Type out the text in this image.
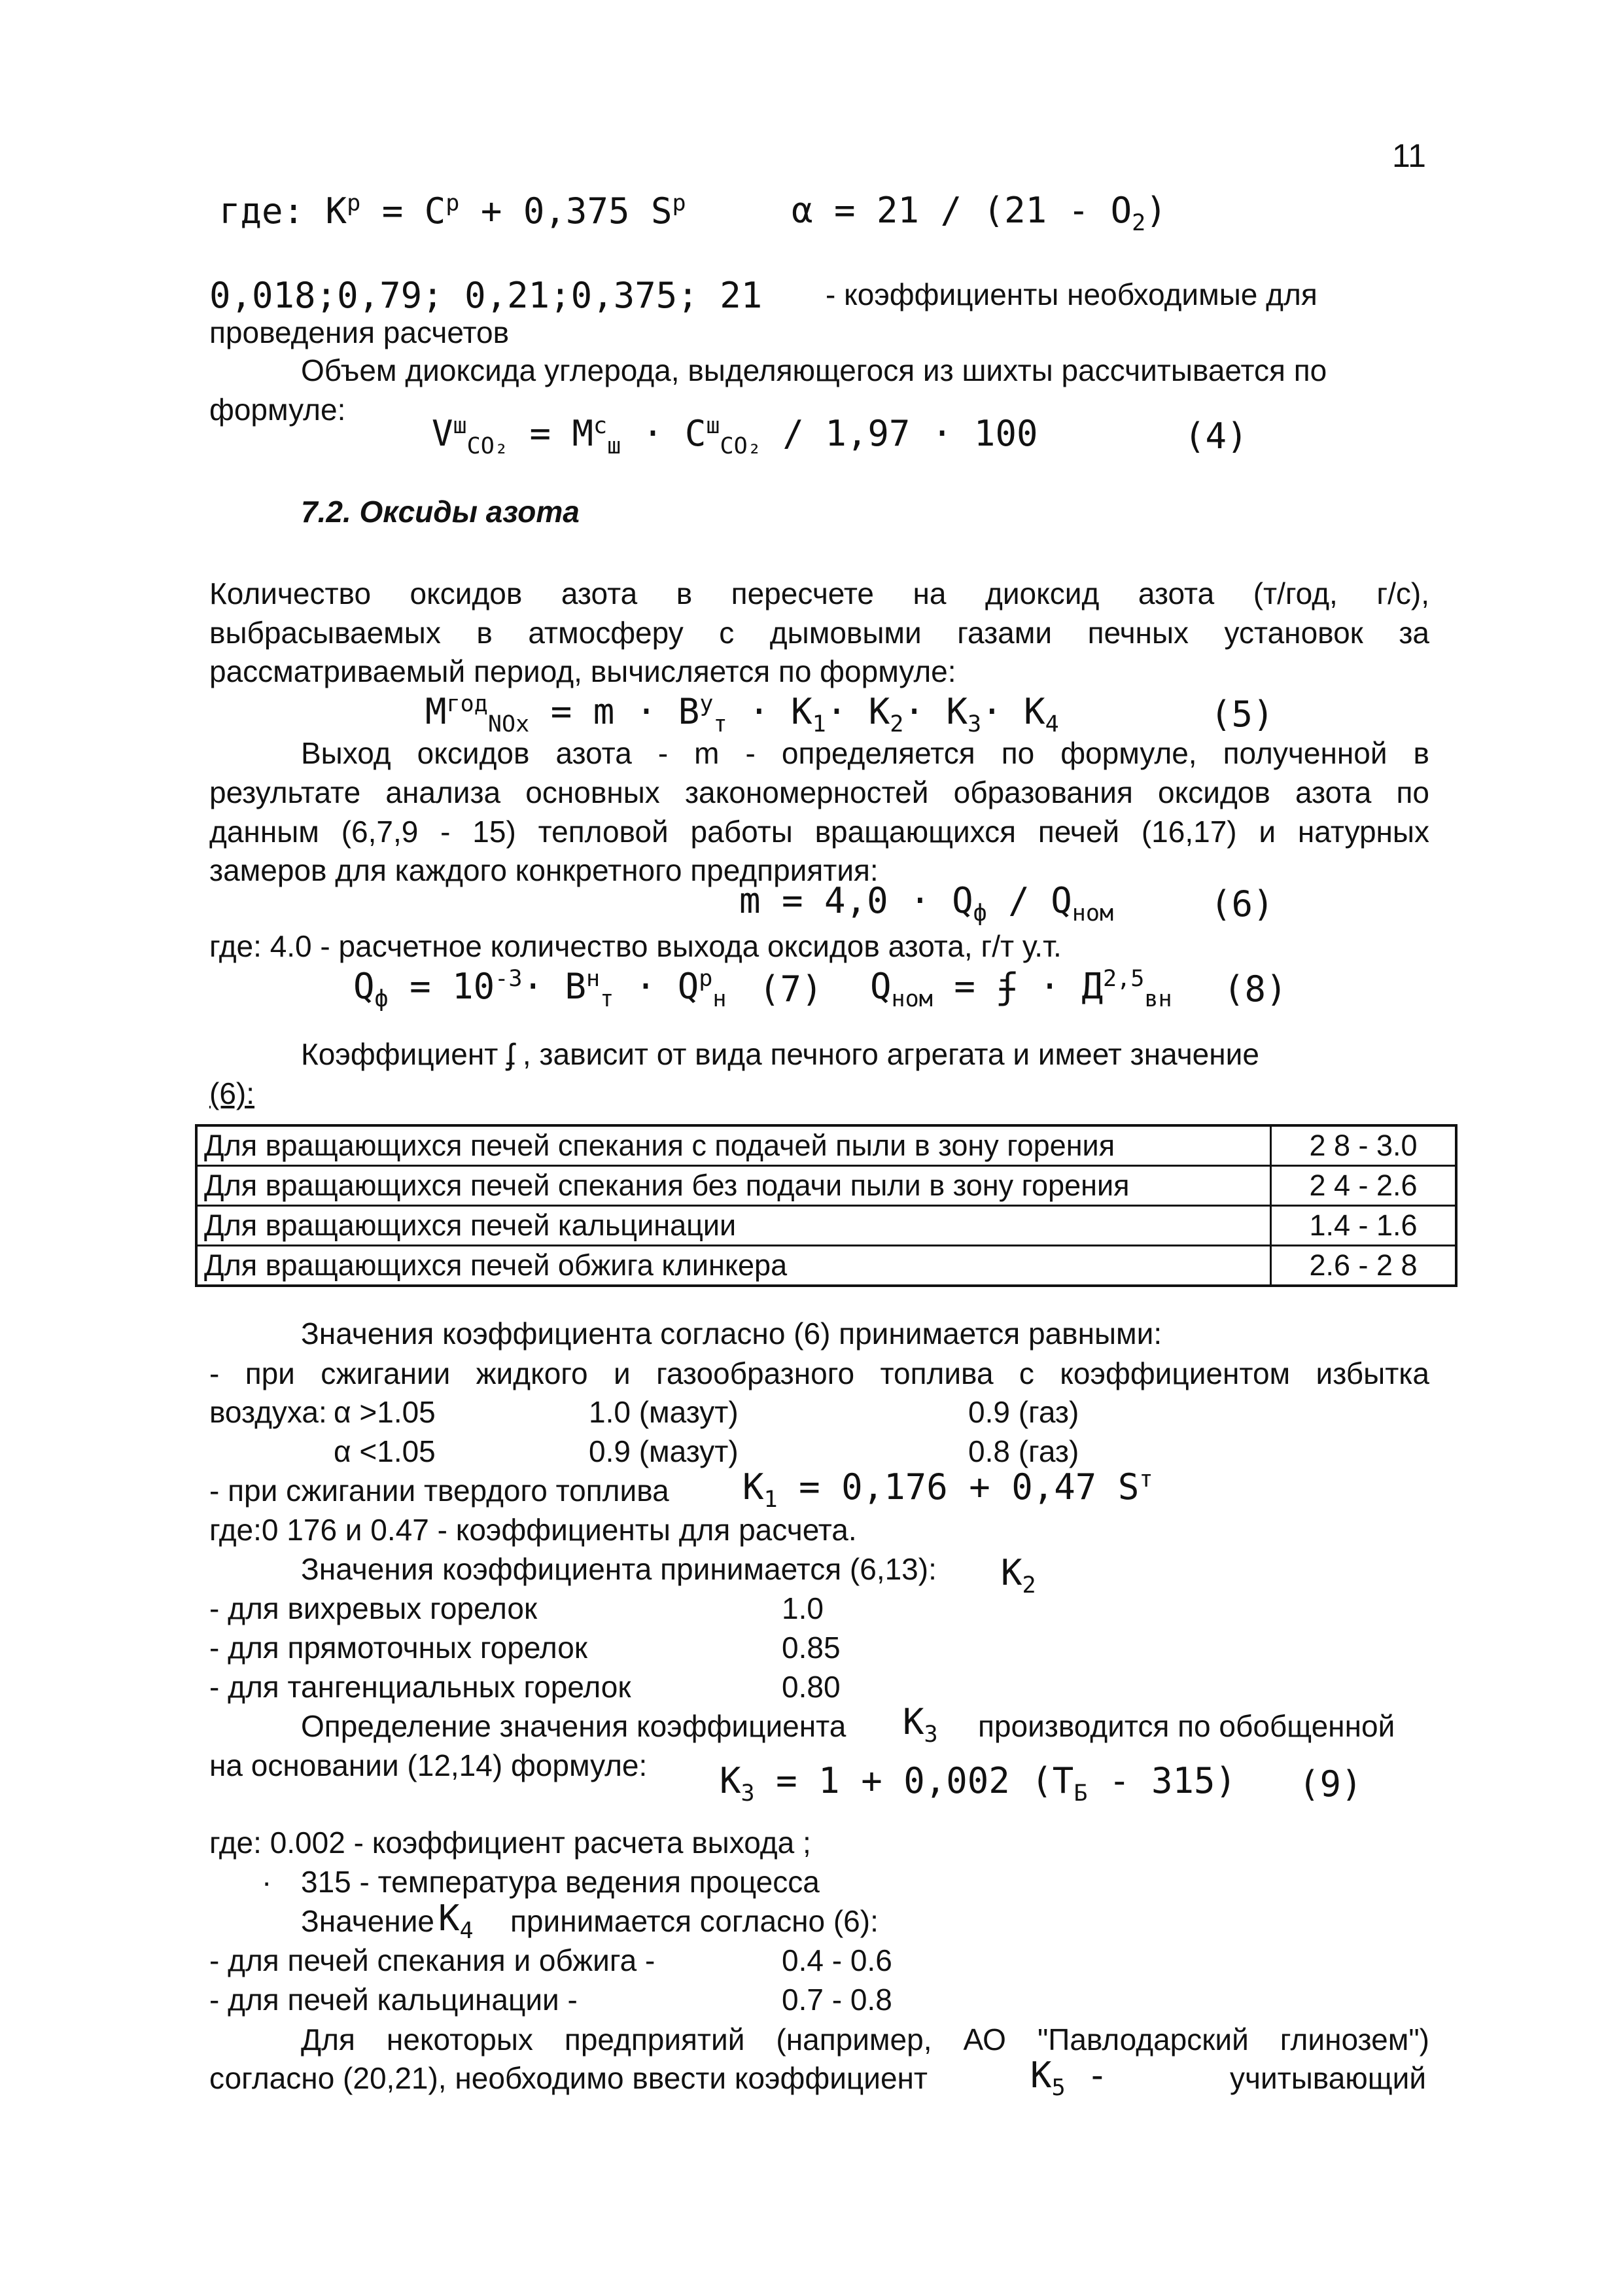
11
где: $К^р = С^р + 0,375$ $S^р$	$\alpha = 21 / (21 - O_2)$
0,018;0,79; 0,21;0,375; 21 - коэффициенты необходимые для
проведения расчетов
Объем диоксида углерода, выделяющегося из шихты рассчитывается по
формуле:
$V^ш_{CO_2} = M^с_ш \cdot C^ш_{CO_2} / 1,97 \cdot 100$	(4)
7.2. Оксиды азота
Количество оксидов азота в пересчете на диоксид азота (т/год, г/с),
выбрасываемых в атмосферу с дымовыми газами печных установок за
рассматриваемый период, вычисляется по формуле:
$M^{год}_{NOx} = m \cdot B^у_т \cdot K_1\cdot K_2\cdot K_3\cdot K_4$	(5)
Выход оксидов азота - m - определяется по формуле, полученной в
результате анализа основных закономерностей образования оксидов азота по
данным (6,7,9 - 15) тепловой работы вращающихся печей (16,17) и натурных
замеров для каждого конкретного предприятия:
$m = 4,0 \cdot Q_ф / Q_{ном}$	(6)
где: 4.0 - расчетное количество выхода оксидов азота, г/т у.т.
$Q_ф = 10^{-3}\cdot B^н_т \cdot Q^р_н$ (7) $Q_{ном}$ = ʄ · Д$^{2,5}_{вн}$ (8)
Коэффициент ʄ , зависит от вида печного агрегата и имеет значение
(6):
Для вращающихся печей спекания с подачей пыли в зону горения	2 8 - 3.0
Для вращающихся печей спекания без подачи пыли в зону горения	2 4 - 2.6
Для вращающихся печей кальцинации	1.4 - 1.6
Для вращающихся печей обжига клинкера	2.6 - 2 8
Значения коэффициента согласно (6) принимается равными:
- при сжигании жидкого и газообразного топлива с коэффициентом избытка
воздуха: α >1.05	1.0 (мазут)	0.9 (газ)
α <1.05	0.9 (мазут)	0.8 (газ)
- при сжигании твердого топлива $K_1 = 0,176 + 0,47$ $S^т$
где:0 176 и 0.47 - коэффициенты для расчета.
Значения коэффициента принимается (6,13): $K_2$
- для вихревых горелок	1.0
- для прямоточных горелок	0.85
- для тангенциальных горелок	0.80
Определение значения коэффициента $K_3$ производится по обобщенной
на основании (12,14) формуле: $K_3 = 1 + 0,002$ $(T_Б - 315)$ (9)
где: 0.002 - коэффициент расчета выхода ;
· 315 - температура ведения процесса
Значение $K_4$ принимается согласно (6):
- для печей спекания и обжига -	0.4 - 0.6
- для печей кальцинации -	0.7 - 0.8
Для некоторых предприятий (например, АО "Павлодарский глинозем")
согласно (20,21), необходимо ввести коэффициент	$K_5$ -	учитывающий
